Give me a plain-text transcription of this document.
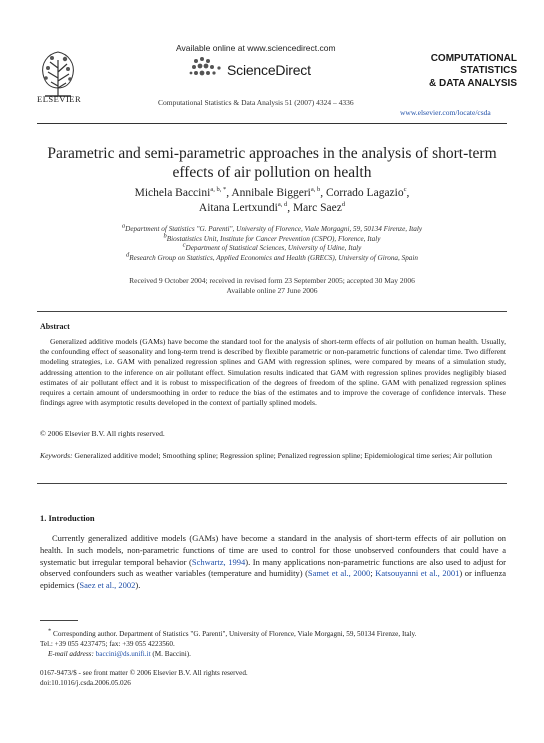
ELSEVIER
Available online at www.sciencedirect.com
ScienceDirect
Computational Statistics & Data Analysis 51 (2007) 4324 – 4336
COMPUTATIONAL
STATISTICS
& DATA ANALYSIS
www.elsevier.com/locate/csda
Parametric and semi-parametric approaches in the analysis of short-term effects of air pollution on health
Michela Baccini$^{a, b, *}$, Annibale Biggeri$^{a, b}$, Corrado Lagazio$^c$,
Aitana Lertxundi$^{a, d}$, Marc Saez$^d$
$^a$Department of Statistics "G. Parenti", University of Florence, Viale Morgagni, 59, 50134 Firenze, Italy
$^b$Biostatistics Unit, Institute for Cancer Prevention (CSPO), Florence, Italy
$^c$Department of Statistical Sciences, University of Udine, Italy
$^d$Research Group on Statistics, Applied Economics and Health (GRECS), University of Girona, Spain
Received 9 October 2004; received in revised form 23 September 2005; accepted 30 May 2006
Available online 27 June 2006
Abstract

Generalized additive models (GAMs) have become the standard tool for the analysis of short-term effects of air pollution on human health. Usually, the confounding effect of seasonality and long-term trend is described by flexible parametric or non-parametric functions of calendar time. Two different modeling strategies, i.e. GAM with penalized regression splines and GAM with regression splines, were compared by means of a simulation study, addressing attention to the inference on air pollutant effect. Simulation results indicated that GAM with regression splines provides negligibly biased estimates of air pollutant effect and it is robust to misspecification of the degrees of freedom of the spline. GAM with penalized regression splines requires a certain amount of undersmoothing in order to reduce the bias of the estimates and to improve the coverage of confidence intervals. These findings agree with asymptotic results developed in the context of partially splined models.

© 2006 Elsevier B.V. All rights reserved.
Keywords: Generalized additive model; Smoothing spline; Regression spline; Penalized regression spline; Epidemiological time series; Air pollution
1. Introduction

Currently generalized additive models (GAMs) have become a standard in the analysis of short-term effects of air pollution on health. In such models, non-parametric functions of time are used to control for those unobserved confounders that could have a systematic but irregular temporal behavior (Schwartz, 1994). In many applications non-parametric functions are also used to adjust for observed confounders such as weather variables (temperature and humidity) (Samet et al., 2000; Katsouyanni et al., 2001) or influenza epidemics (Saez et al., 2002).

* Corresponding author. Department of Statistics "G. Parenti", University of Florence, Viale Morgagni, 59, 50134 Firenze, Italy.
Tel.: +39 055 4237475; fax: +39 055 4223560.
E-mail address: baccini@ds.unifi.it (M. Baccini).
0167-9473/$ - see front matter © 2006 Elsevier B.V. All rights reserved.
doi:10.1016/j.csda.2006.05.026
